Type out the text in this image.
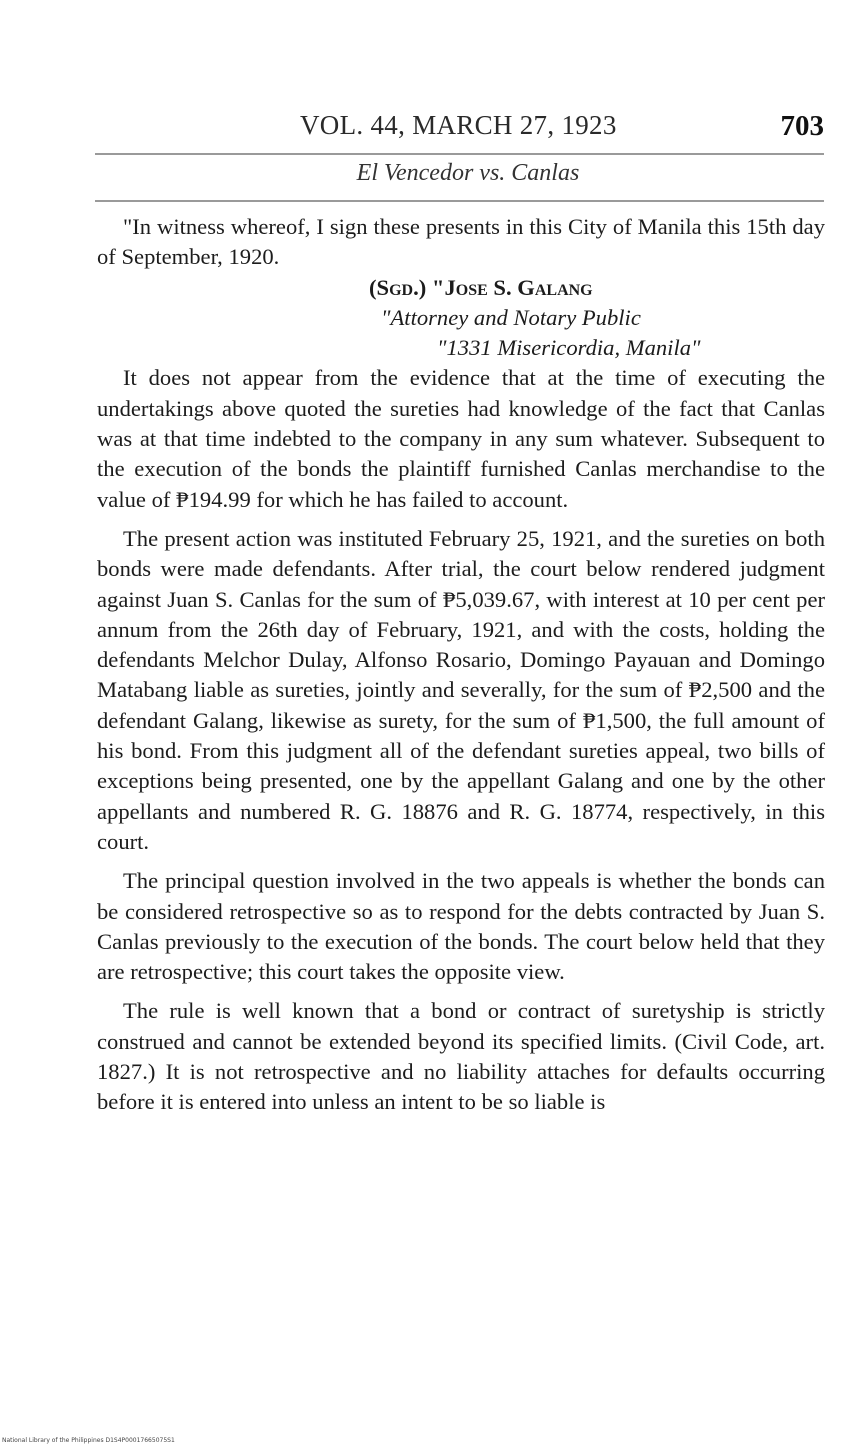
VOL. 44, MARCH 27, 1923	703
El Vencedor vs. Canlas

"In witness whereof, I sign these presents in this City of Manila this 15th day of September, 1920.

(Sgd.) "Jose S. Galang
"Attorney and Notary Public
"1331 Misericordia, Manila"

It does not appear from the evidence that at the time of executing the undertakings above quoted the sureties had knowledge of the fact that Canlas was at that time indebted to the company in any sum whatever. Subsequent to the execution of the bonds the plaintiff furnished Canlas merchandise to the value of ₱194.99 for which he has failed to account.

The present action was instituted February 25, 1921, and the sureties on both bonds were made defendants. After trial, the court below rendered judgment against Juan S. Canlas for the sum of ₱5,039.67, with interest at 10 per cent per annum from the 26th day of February, 1921, and with the costs, holding the defendants Melchor Dulay, Alfonso Rosario, Domingo Payauan and Domingo Matabang liable as sureties, jointly and severally, for the sum of ₱2,500 and the defendant Galang, likewise as surety, for the sum of ₱1,500, the full amount of his bond. From this judgment all of the defendant sureties appeal, two bills of exceptions being presented, one by the appellant Galang and one by the other appellants and numbered R. G. 18876 and R. G. 18774, respectively, in this court.

The principal question involved in the two appeals is whether the bonds can be considered retrospective so as to respond for the debts contracted by Juan S. Canlas previously to the execution of the bonds. The court below held that they are retrospective; this court takes the opposite view.

The rule is well known that a bond or contract of suretyship is strictly construed and cannot be extended beyond its specified limits. (Civil Code, art. 1827.) It is not retrospective and no liability attaches for defaults occurring before it is entered into unless an intent to be so liable is

National Library of the Philippines D1S4P00017665075S1
